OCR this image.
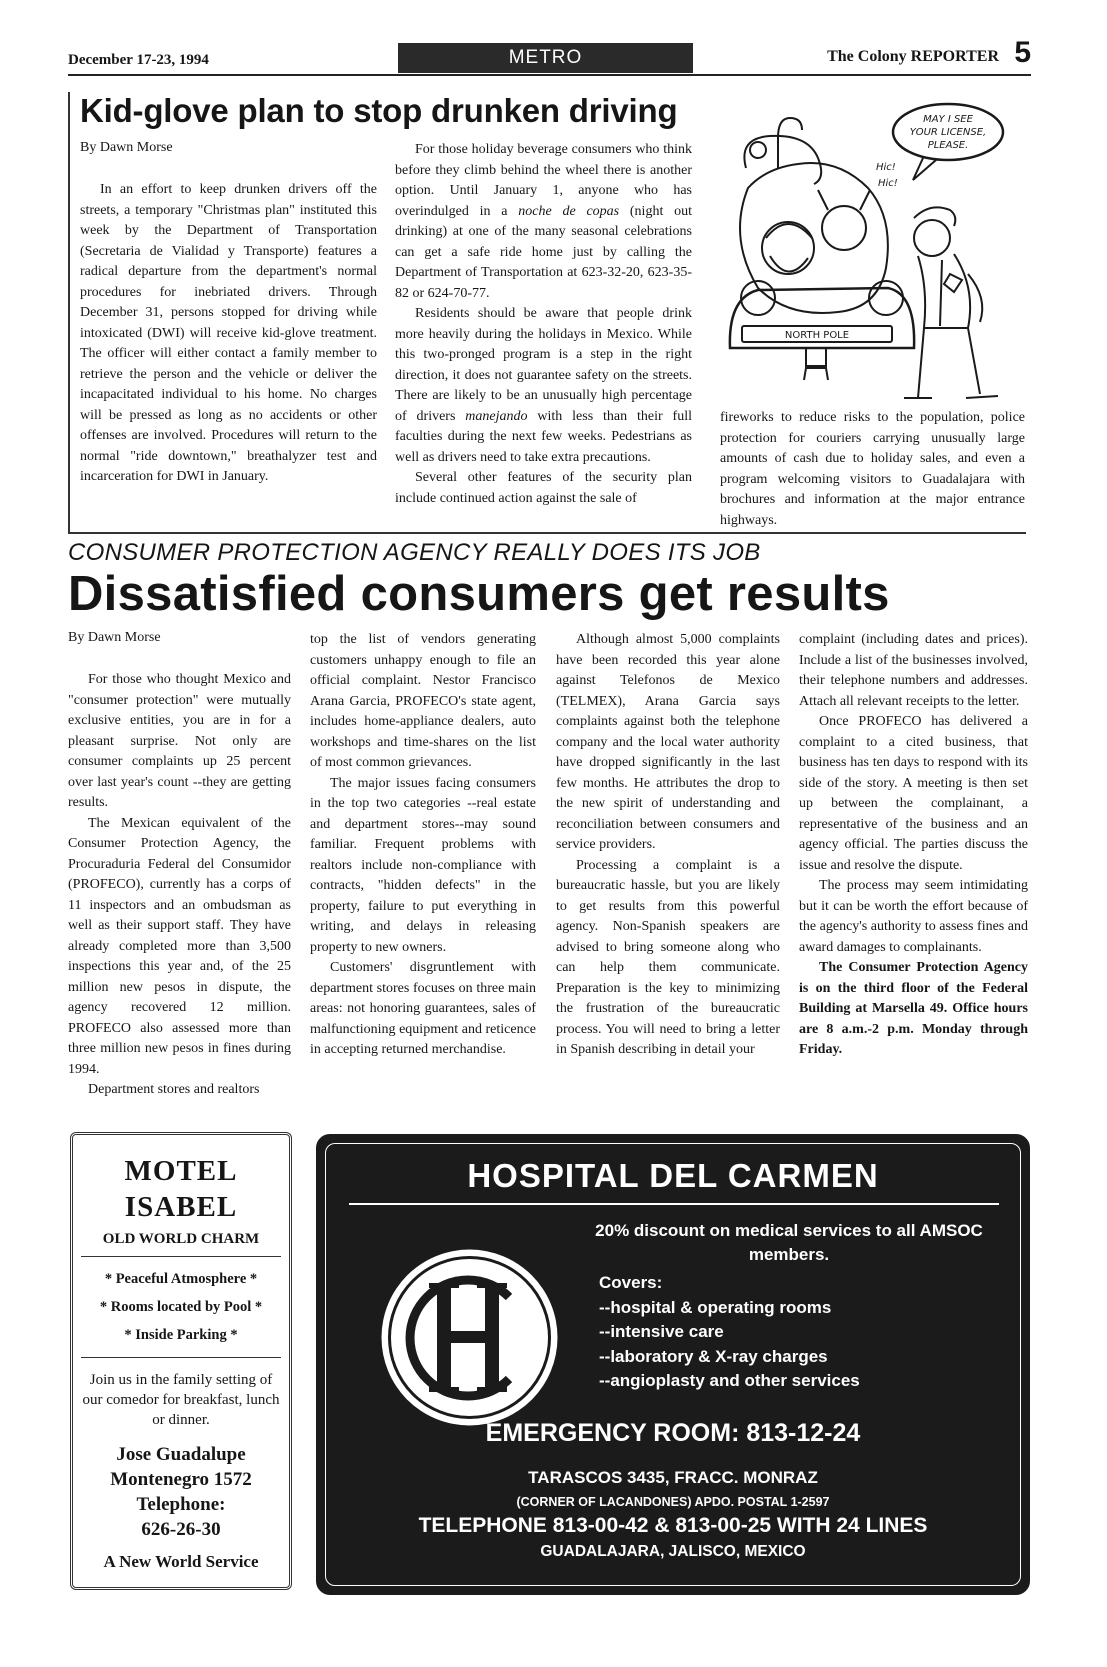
December 17-23, 1994	METRO	The Colony REPORTER 5
Kid-glove plan to stop drunken driving
By Dawn Morse

In an effort to keep drunken drivers off the streets, a temporary "Christmas plan" instituted this week by the Department of Transportation (Secretaria de Vialidad y Transporte) features a radical departure from the department's normal procedures for inebriated drivers. Through December 31, persons stopped for driving while intoxicated (DWI) will receive kid-glove treatment. The officer will either contact a family member to retrieve the person and the vehicle or deliver the incapacitated individual to his home. No charges will be pressed as long as no accidents or other offenses are involved. Procedures will return to the normal "ride downtown," breathalyzer test and incarceration for DWI in January.

For those holiday beverage consumers who think before they climb behind the wheel there is another option. Until January 1, anyone who has overindulged in a noche de copas (night out drinking) at one of the many seasonal celebrations can get a safe ride home just by calling the Department of Transportation at 623-32-20, 623-35-82 or 624-70-77.

Residents should be aware that people drink more heavily during the holidays in Mexico. While this two-pronged program is a step in the right direction, it does not guarantee safety on the streets. There are likely to be an unusually high percentage of drivers manejando with less than their full faculties during the next few weeks. Pedestrians as well as drivers need to take extra precautions.

Several other features of the security plan include continued action against the sale of

fireworks to reduce risks to the population, police protection for couriers carrying unusually large amounts of cash due to holiday sales, and even a program welcoming visitors to Guadalajara with brochures and information at the major entrance highways.

MAY I SEE
YOUR LICENSE,
PLEASE.
Hic!
Hic!
NORTH POLE
CONSUMER PROTECTION AGENCY REALLY DOES ITS JOB
Dissatisfied consumers get results
By Dawn Morse

For those who thought Mexico and "consumer protection" were mutually exclusive entities, you are in for a pleasant surprise. Not only are consumer complaints up 25 percent over last year's count --they are getting results.

The Mexican equivalent of the Consumer Protection Agency, the Procuraduria Federal del Consumidor (PROFECO), currently has a corps of 11 inspectors and an ombudsman as well as their support staff. They have already completed more than 3,500 inspections this year and, of the 25 million new pesos in dispute, the agency recovered 12 million. PROFECO also assessed more than three million new pesos in fines during 1994.

Department stores and realtors

top the list of vendors generating customers unhappy enough to file an official complaint. Nestor Francisco Arana Garcia, PROFECO's state agent, includes home-appliance dealers, auto workshops and time-shares on the list of most common grievances.

The major issues facing consumers in the top two categories --real estate and department stores--may sound familiar. Frequent problems with realtors include non-compliance with contracts, "hidden defects" in the property, failure to put everything in writing, and delays in releasing property to new owners.

Customers' disgruntlement with department stores focuses on three main areas: not honoring guarantees, sales of malfunctioning equipment and reticence in accepting returned merchandise.

Although almost 5,000 complaints have been recorded this year alone against Telefonos de Mexico (TELMEX), Arana Garcia says complaints against both the telephone company and the local water authority have dropped significantly in the last few months. He attributes the drop to the new spirit of understanding and reconciliation between consumers and service providers.

Processing a complaint is a bureaucratic hassle, but you are likely to get results from this powerful agency. Non-Spanish speakers are advised to bring someone along who can help them communicate. Preparation is the key to minimizing the frustration of the bureaucratic process. You will need to bring a letter in Spanish describing in detail your

complaint (including dates and prices). Include a list of the businesses involved, their telephone numbers and addresses. Attach all relevant receipts to the letter.

Once PROFECO has delivered a complaint to a cited business, that business has ten days to respond with its side of the story. A meeting is then set up between the complainant, a representative of the business and an agency official. The parties discuss the issue and resolve the dispute.

The process may seem intimidating but it can be worth the effort because of the agency's authority to assess fines and award damages to complainants.

The Consumer Protection Agency is on the third floor of the Federal Building at Marsella 49. Office hours are 8 a.m.-2 p.m. Monday through Friday.

MOTEL
ISABEL
OLD WORLD CHARM
* Peaceful Atmosphere *
* Rooms located by Pool *
* Inside Parking *
Join us in the family setting of our comedor for breakfast, lunch or dinner.
Jose Guadalupe
Montenegro 1572
Telephone:
626-26-30
A New World Service
HOSPITAL DEL CARMEN
20% discount on medical services to all AMSOC members.
Covers:
--hospital & operating rooms
--intensive care
--laboratory & X-ray charges
--angioplasty and other services
EMERGENCY ROOM: 813-12-24
TARASCOS 3435, FRACC. MONRAZ
(CORNER OF LACANDONES) APDO. POSTAL 1-2597
TELEPHONE 813-00-42 & 813-00-25 WITH 24 LINES
GUADALAJARA, JALISCO, MEXICO
